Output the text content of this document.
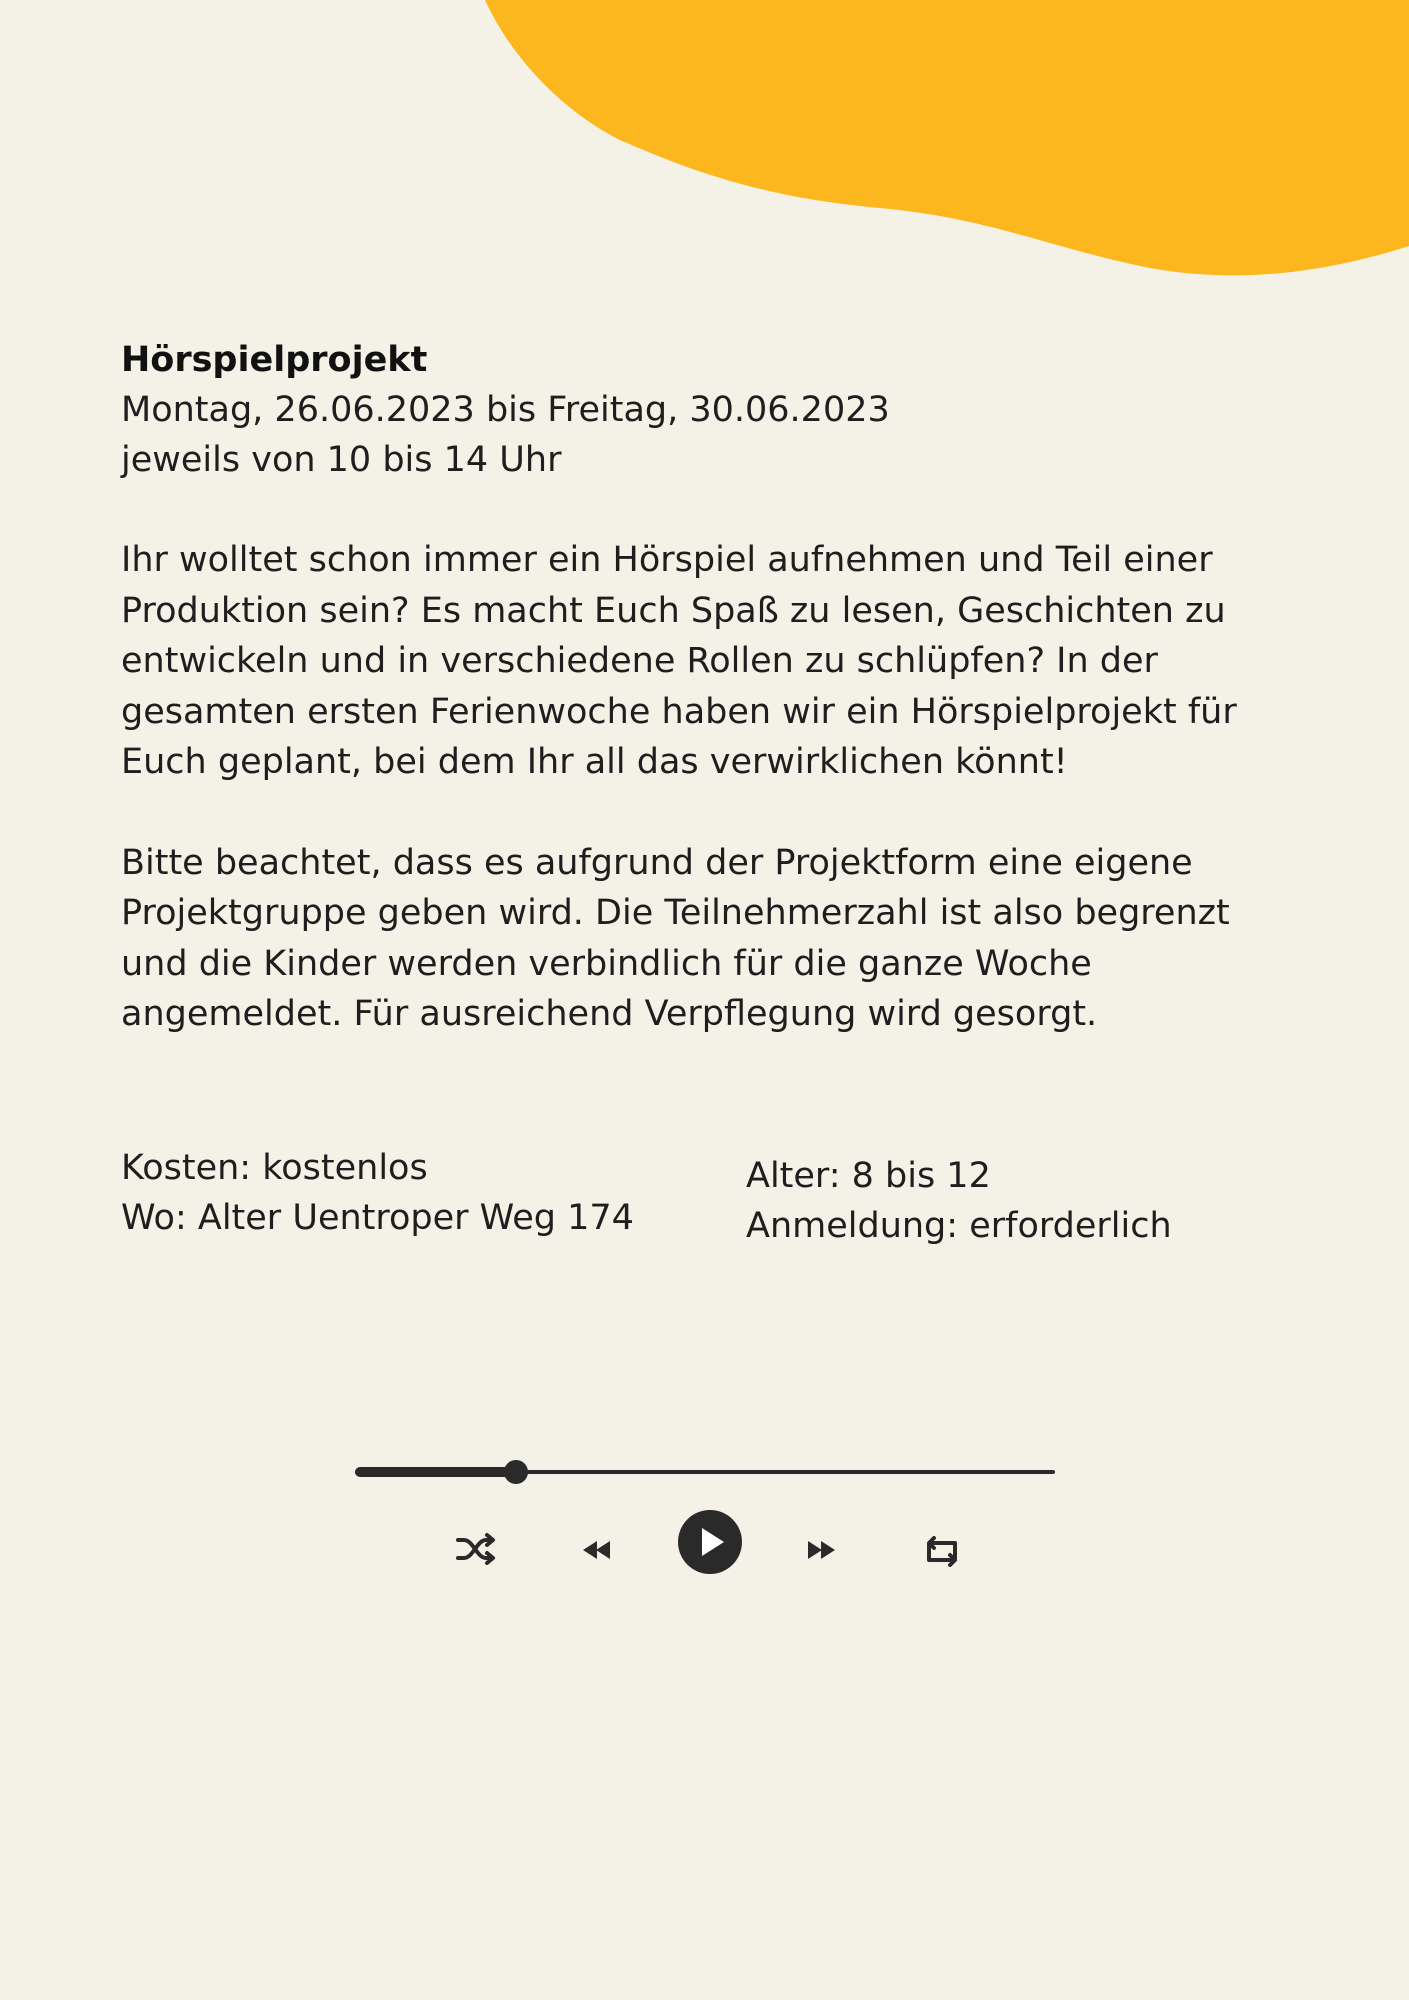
Hörspielprojekt

Montag, 26.06.2023 bis Freitag, 30.06.2023

jeweils von 10 bis 14 Uhr

Ihr wolltet schon immer ein Hörspiel aufnehmen und Teil einer

Produktion sein? Es macht Euch Spaß zu lesen, Geschichten zu

entwickeln und in verschiedene Rollen zu schlüpfen? In der

gesamten ersten Ferienwoche haben wir ein Hörspielprojekt für

Euch geplant, bei dem Ihr all das verwirklichen könnt!

Bitte beachtet, dass es aufgrund der Projektform eine eigene

Projektgruppe geben wird. Die Teilnehmerzahl ist also begrenzt

und die Kinder werden verbindlich für die ganze Woche

angemeldet. Für ausreichend Verpflegung wird gesorgt.

Kosten: kostenlos
Wo: Alter Uentroper Weg 174
Alter: 8 bis 12
Anmeldung: erforderlich
